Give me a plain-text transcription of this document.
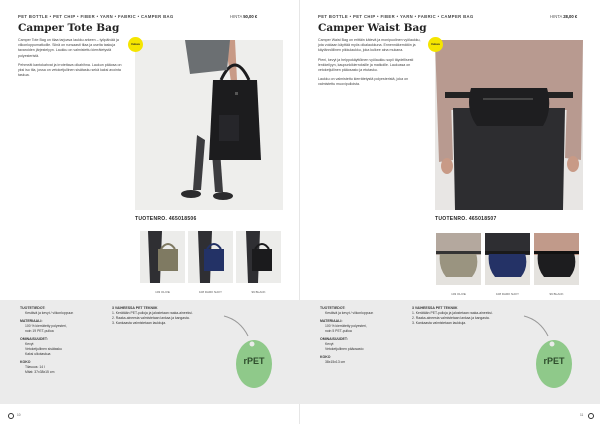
PET BOTTLE • PET CHIP • FIBER • YARN • FABRIC • CAMPER BAG	HINTA 50,00 €
Camper Tote Bag

Camper Tote Bag on tilaa tarjoava laukku arkeen – työpäivää ja viikonloppumatkoille. Siinä on runsaasti tilaa ja useita taskuja tavaroiden järjestelyyn. Laukku on valmistettu kierrätetystä polyesteristä.

Pehmeät kantokahvat ja irrotettava olkahihna. Laukun pääosa on yksi iso tila, jossa on vetoketjullinen sisätasku sekä kaksi avointa taskua.

Uutuus
TUOTENRO. 465018506
103 OLIVE	108 DARK NAVY	99 BLACK
TUOTETIEDOT:
Kestävä ja kevyt / viikonloppuun
MATERIAALI:
100 % kierrätetty polyesteri,
noin 19 PET-pulloa
OMINAISUUDET:
Kevyt
Vetoketjullinen sisätasku
Kaksi ulkotaskua
KOKO
Tilavuus: 14 l
Mitat: 37x38x15 cm
3 VAIHEESSA PET TEKNIIK
1. Kerätään PET-pulloja ja jalostetaan raaka-aineeksi.
2. Raaka-aineesta valmistetaan lankaa ja kangasta.
3. Kankaasta valmistetaan laukkuja.
rPET
10
PET BOTTLE • PET CHIP • FIBER • YARN • FABRIC • CAMPER BAG	HINTA 28,00 €
Camper Waist Bag

Camper Waist Bag on erittäin kätevä ja monipuolinen vyölaukku, jota voidaan käyttää myös olkalaukkuna. Ennennäkemätön ja käytännöllinen pikkulaukku, joka kulkee aina mukana.

Pieni, kevyt ja helppokäyttöinen vyölaukku sopii täydellisesti lenkkeilyyn, kaupunkikierroksille ja matkoille. Laukussa on vetoketjullinen pääosasto ja etutasku.

Laukku on valmistettu kierrätetystä polyesteristä, joka on valmistettu muovipulloista.

Uutuus
TUOTENRO. 465018507
103 OLIVE	108 DARK NAVY	99 BLACK
TUOTETIEDOT:
Kestävä ja kevyt / viikonloppuun
MATERIAALI:
100 % kierrätetty polyesteri,
noin 5 PET-pulloa
OMINAISUUDET:
Kevyt
Vetoketjullinen pääosasto
KOKO
38x15x13 cm
3 VAIHEESSA PET TEKNIIK
1. Kerätään PET-pulloja ja jalostetaan raaka-aineeksi.
2. Raaka-aineesta valmistetaan lankaa ja kangasta.
3. Kankaasta valmistetaan laukkuja.
rPET
11
